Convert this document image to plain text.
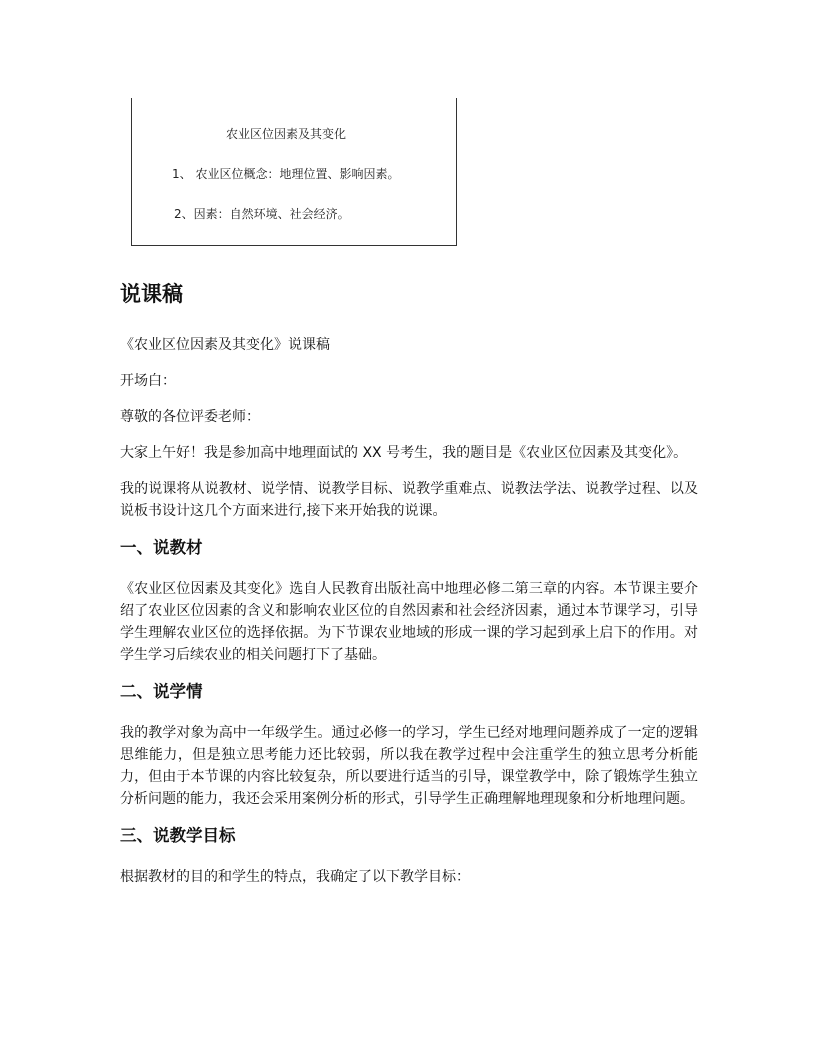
农业区位因素及其变化
1、 农业区位概念：地理位置、影响因素。
2、因素：自然环境、社会经济。
说课稿

《农业区位因素及其变化》说课稿

开场白：

尊敬的各位评委老师：

大家上午好！我是参加高中地理面试的 XX 号考生，我的题目是《农业区位因素及其变化》。

我的说课将从说教材、说学情、说教学目标、说教学重难点、说教法学法、说教学过程、以及说板书设计这几个方面来进行,接下来开始我的说课。

一、说教材

《农业区位因素及其变化》选自人民教育出版社高中地理必修二第三章的内容。本节课主要介绍了农业区位因素的含义和影响农业区位的自然因素和社会经济因素，通过本节课学习，引导学生理解农业区位的选择依据。为下节课农业地域的形成一课的学习起到承上启下的作用。对学生学习后续农业的相关问题打下了基础。

二、说学情

我的教学对象为高中一年级学生。通过必修一的学习，学生已经对地理问题养成了一定的逻辑思维能力，但是独立思考能力还比较弱，所以我在教学过程中会注重学生的独立思考分析能力，但由于本节课的内容比较复杂，所以要进行适当的引导，课堂教学中，除了锻炼学生独立分析问题的能力，我还会采用案例分析的形式，引导学生正确理解地理现象和分析地理问题。

三、说教学目标

根据教材的目的和学生的特点，我确定了以下教学目标：
